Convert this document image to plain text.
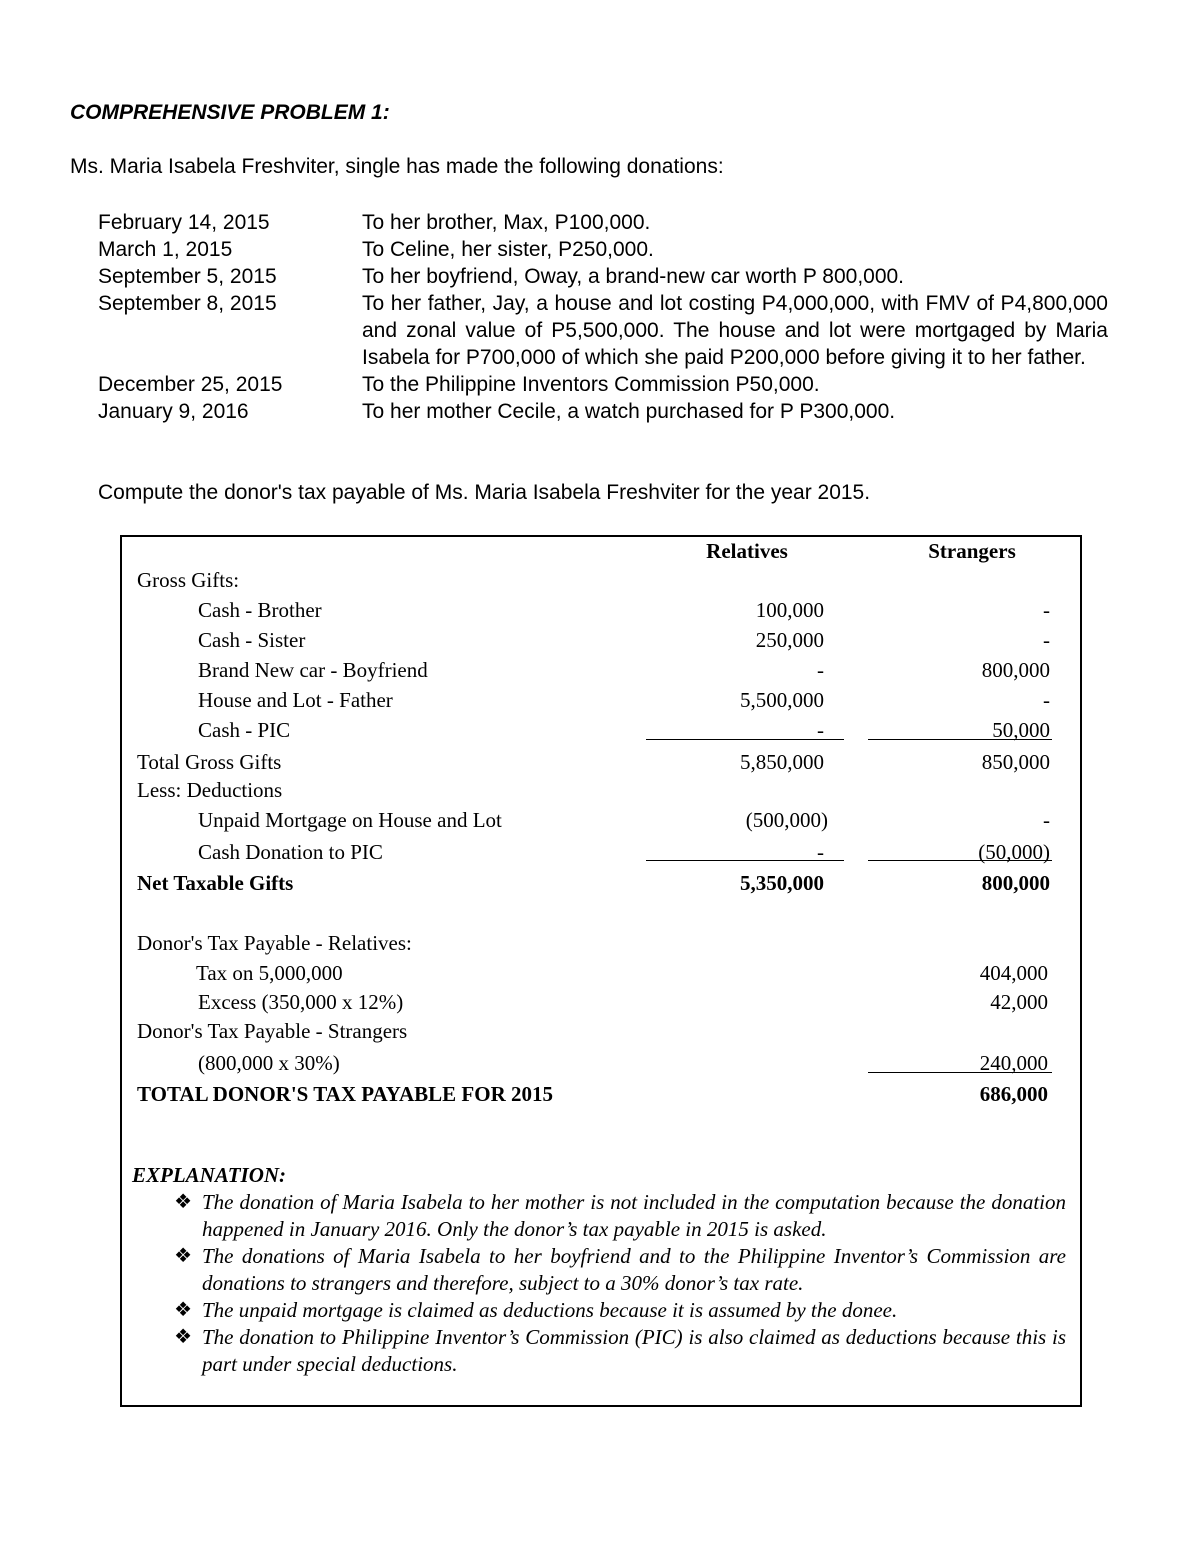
COMPREHENSIVE PROBLEM 1:
Ms. Maria Isabela Freshviter, single has made the following donations:
February 14, 2015	To her brother, Max, P100,000.
March 1, 2015	To Celine, her sister, P250,000.
September 5, 2015	To her boyfriend, Oway, a brand-new car worth P 800,000.
September 8, 2015	To her father, Jay, a house and lot costing P4,000,000, with FMV of P4,800,000 and zonal value of P5,500,000. The house and lot were mortgaged by Maria Isabela for P700,000 of which she paid P200,000 before giving it to her father.
December 25, 2015	To the Philippine Inventors Commission P50,000.
January 9, 2016	To her mother Cecile, a watch purchased for P P300,000.
Compute the donor's tax payable of Ms. Maria Isabela Freshviter for the year 2015.
Relatives	Strangers
Gross Gifts:
Cash - Brother	100,000	-
Cash - Sister	250,000	-
Brand New car - Boyfriend	-	800,000
House and Lot - Father	5,500,000	-
Cash - PIC	-	50,000
Total Gross Gifts	5,850,000	850,000
Less: Deductions
Unpaid Mortgage on House and Lot	(500,000)	-
Cash Donation to PIC	-	(50,000)
Net Taxable Gifts	5,350,000	800,000
Donor's Tax Payable - Relatives:
Tax on 5,000,000	404,000
Excess (350,000 x 12%)	42,000
Donor's Tax Payable - Strangers
(800,000 x 30%)	240,000
TOTAL DONOR'S TAX PAYABLE FOR 2015	686,000
EXPLANATION:
❖ The donation of Maria Isabela to her mother is not included in the computation because the donation happened in January 2016. Only the donor’s tax payable in 2015 is asked.
❖ The donations of Maria Isabela to her boyfriend and to the Philippine Inventor’s Commission are donations to strangers and therefore, subject to a 30% donor’s tax rate.
❖ The unpaid mortgage is claimed as deductions because it is assumed by the donee.
❖ The donation to Philippine Inventor’s Commission (PIC) is also claimed as deductions because this is part under special deductions.
